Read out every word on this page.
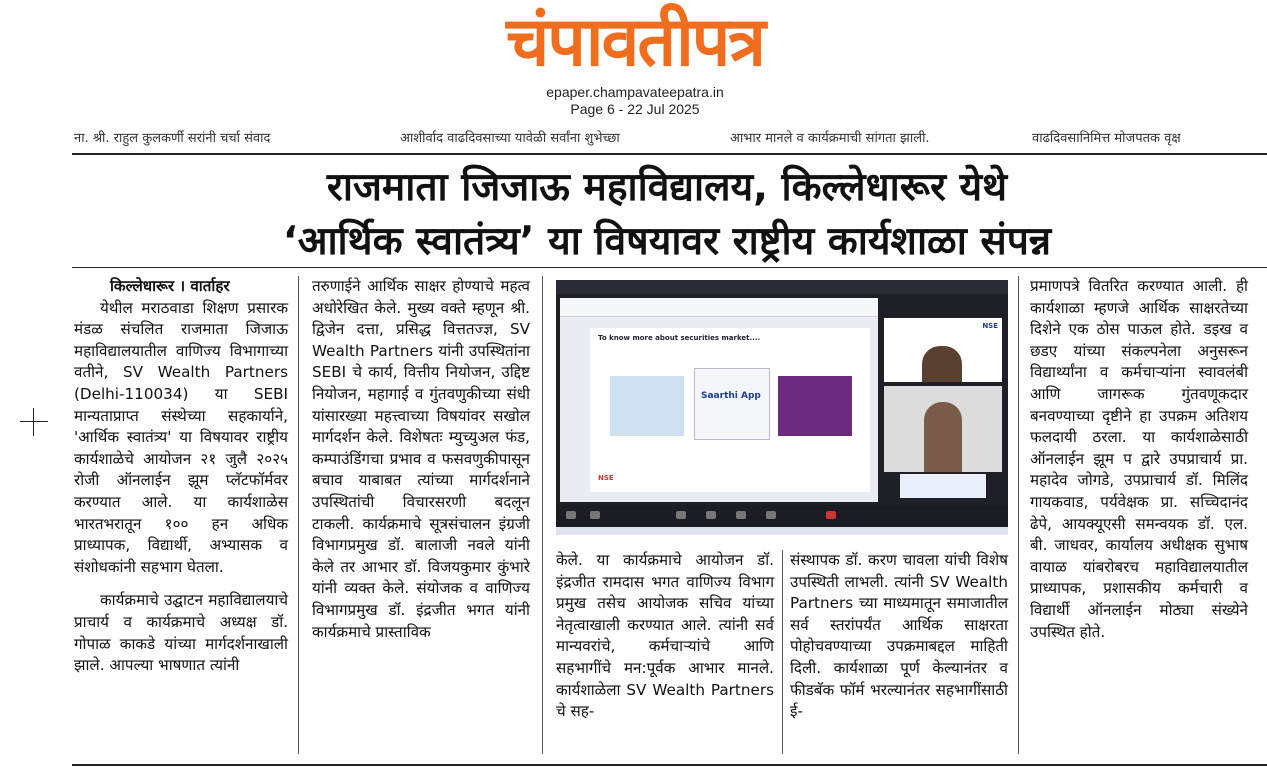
चंपावतीपत्र
epaper.champavateepatra.in
Page 6 - 22 Jul 2025
ना. श्री. राहुल कुलकर्णी सरांनी चर्चा संवाद	आशीर्वाद वाढदिवसाच्या यावेळी सर्वांना शुभेच्छा	आभार मानले व कार्यक्रमाची सांगता झाली.	वाढदिवसानिमित्त मोजपतक वृक्ष
राजमाता जिजाऊ महाविद्यालय, किल्लेधारूर येथे
‘आर्थिक स्वातंत्र्य’ या विषयावर राष्ट्रीय कार्यशाळा संपन्न

किल्लेधारूर । वार्ताहर

येथील मराठवाडा शिक्षण प्रसारक मंडळ संचलित राजमाता जिजाऊ महाविद्यालयातील वाणिज्य विभागाच्या वतीने, SV Wealth Partners (Delhi-110034) या SEBI मान्यताप्राप्त संस्थेच्या सहकार्याने, 'आर्थिक स्वातंत्र्य' या विषयावर राष्ट्रीय कार्यशाळेचे आयोजन २१ जुलै २०२५ रोजी ऑनलाईन झूम प्लॅटफॉर्मवर करण्यात आले. या कार्यशाळेस भारतभरातून १०० हन अधिक प्राध्यापक, विद्यार्थी, अभ्यासक व संशोधकांनी सहभाग घेतला.

कार्यक्रमाचे उद्घाटन महाविद्यालयाचे प्राचार्य व कार्यक्रमाचे अध्यक्ष डॉ. गोपाळ काकडे यांच्या मार्गदर्शनाखाली झाले. आपल्या भाषणात त्यांनी

तरुणाईने आर्थिक साक्षर होण्याचे महत्व अधोरेखित केले. मुख्य वक्ते म्हणून श्री. द्विजेन दत्ता, प्रसिद्ध वित्ततज्ज्ञ, SV Wealth Partners यांनी उपस्थितांना SEBI चे कार्य, वित्तीय नियोजन, उद्दिष्ट नियोजन, महागाई व गुंतवणुकीच्या संधी यांसारख्या महत्त्वाच्या विषयांवर सखोल मार्गदर्शन केले. विशेषतः म्युच्युअल फंड, कम्पाउंडिंगचा प्रभाव व फसवणुकीपासून बचाव याबाबत त्यांच्या मार्गदर्शनाने उपस्थितांची विचारसरणी बदलून टाकली. कार्यक्रमाचे सूत्रसंचालन इंग्रजी विभागप्रमुख डॉ. बालाजी नवले यांनी केले तर आभार डॉ. विजयकुमार कुंभारे यांनी व्यक्त केले. संयोजक व वाणिज्य विभागप्रमुख डॉ. इंद्रजीत भगत यांनी कार्यक्रमाचे प्रास्ताविक

To know more about securities market....
Saarthi App
NSE
NSE

केले. या कार्यक्रमाचे आयोजन डॉ. इंद्रजीत रामदास भगत वाणिज्य विभाग प्रमुख तसेच आयोजक सचिव यांच्या नेतृत्वाखाली करण्यात आले. त्यांनी सर्व मान्यवरांचे, कर्मचाऱ्यांचे आणि सहभागींचे मन:पूर्वक आभार मानले. कार्यशाळेला SV Wealth Partners चे सह-

संस्थापक डॉ. करण चावला यांची विशेष उपस्थिती लाभली. त्यांनी SV Wealth Partners च्या माध्यमातून समाजातील सर्व स्तरांपर्यंत आर्थिक साक्षरता पोहोचवण्याच्या उपक्रमाबद्दल माहिती दिली. कार्यशाळा पूर्ण केल्यानंतर व फीडबॅक फॉर्म भरल्यानंतर सहभागींसाठी ई-

प्रमाणपत्रे वितरित करण्यात आली. ही कार्यशाळा म्हणजे आर्थिक साक्षरतेच्या दिशेने एक ठोस पाऊल होते. डइख व छडए यांच्या संकल्पनेला अनुसरून विद्यार्थ्यांना व कर्मचाऱ्यांना स्वावलंबी आणि जागरूक गुंतवणूकदार बनवण्याच्या दृष्टीने हा उपक्रम अतिशय फलदायी ठरला. या कार्यशाळेसाठी ऑनलाईन झूम प द्वारे उपप्राचार्य प्रा. महादेव जोगडे, उपप्राचार्य डॉ. मिलिंद गायकवाड, पर्यवेक्षक प्रा. सच्चिदानंद ढेपे, आयक्यूएसी समन्वयक डॉ. एल. बी. जाधवर, कार्यालय अधीक्षक सुभाष वायाळ यांबरोबरच महाविद्यालयातील प्राध्यापक, प्रशासकीय कर्मचारी व विद्यार्थी ऑनलाईन मोठ्या संख्येने उपस्थित होते.
